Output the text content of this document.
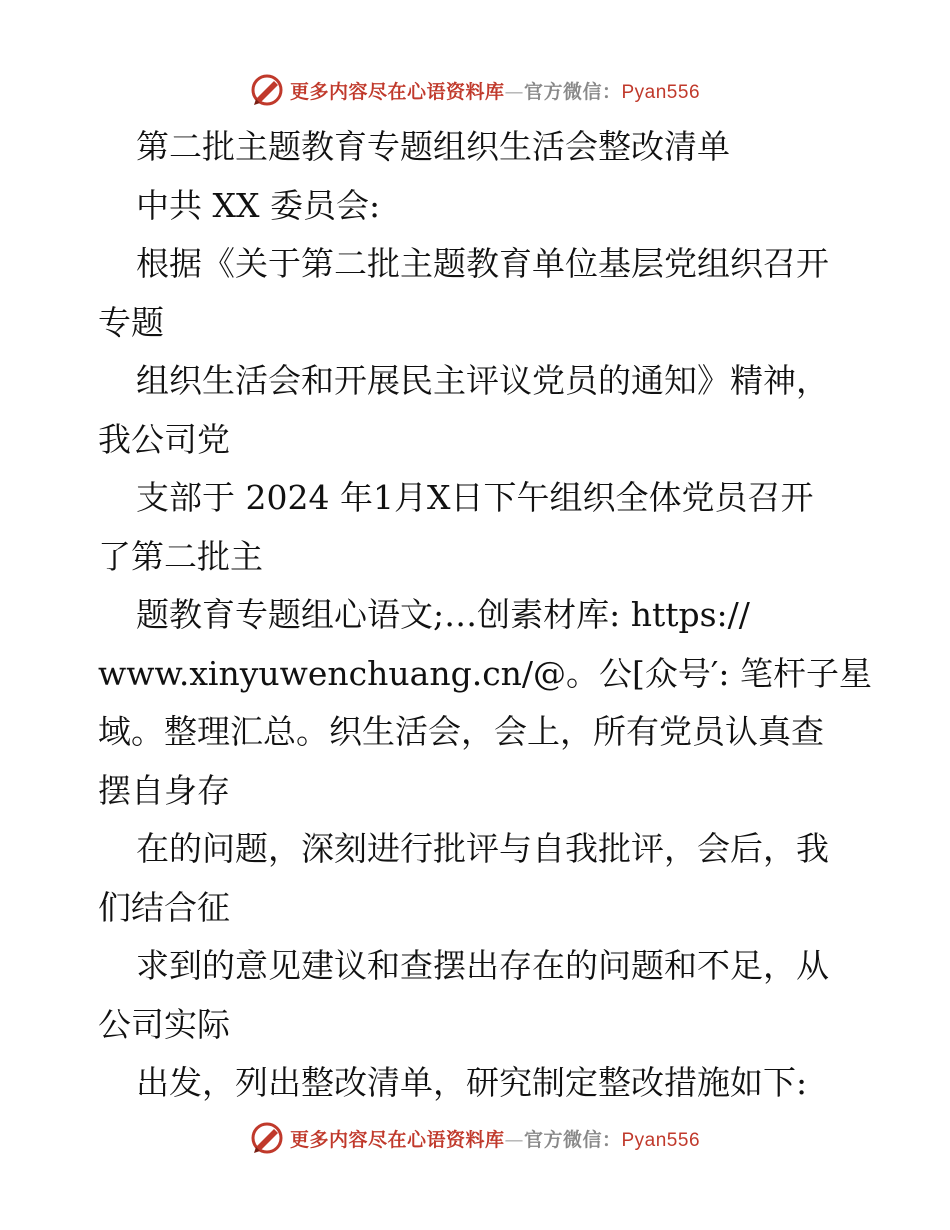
更多内容尽在心语资料库—官方微信：Pyan556
第二批主题教育专题组织生活会整改清单
中共 XX 委员会:
根据《关于第二批主题教育单位基层党组织召开
专题
组织生活会和开展民主评议党员的通知》精神，
我公司党
支部于 2024 年1月X日下午组织全体党员召开
了第二批主
题教育专题组心语文;…创素材库: https://
www.xinyuwenchuang.cn/@。公[众号′: 笔杆子星
域。整理汇总。织生活会，会上，所有党员认真查
摆自身存
在的问题，深刻进行批评与自我批评，会后，我
们结合征
求到的意见建议和查摆出存在的问题和不足，从
公司实际
出发，列出整改清单，研究制定整改措施如下:
更多内容尽在心语资料库—官方微信：Pyan556
